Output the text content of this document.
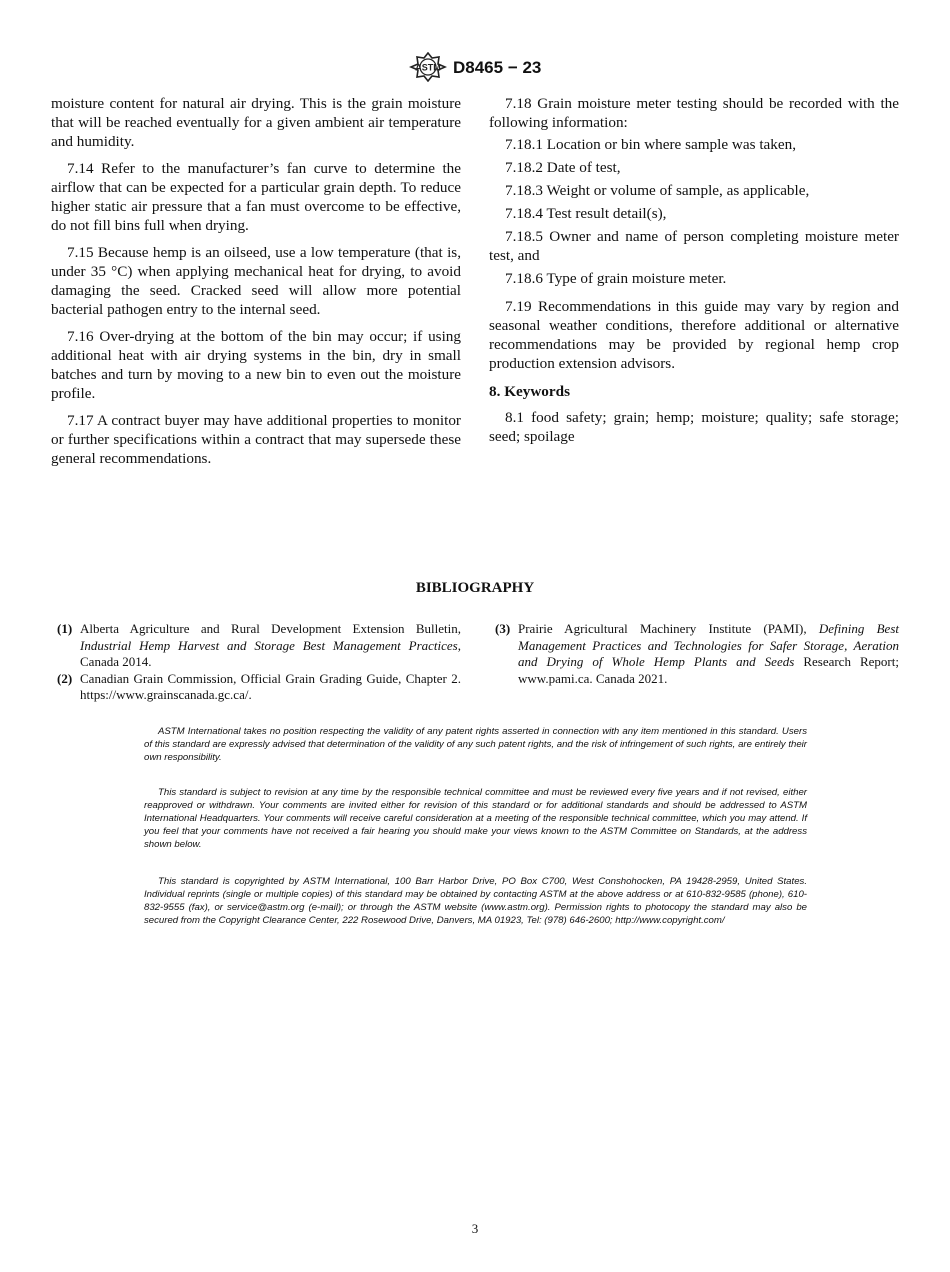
ASTM D8465 − 23

moisture content for natural air drying. This is the grain moisture that will be reached eventually for a given ambient air temperature and humidity.

7.14 Refer to the manufacturer’s fan curve to determine the airflow that can be expected for a particular grain depth. To reduce higher static air pressure that a fan must overcome to be effective, do not fill bins full when drying.

7.15 Because hemp is an oilseed, use a low temperature (that is, under 35 °C) when applying mechanical heat for drying, to avoid damaging the seed. Cracked seed will allow more potential bacterial pathogen entry to the internal seed.

7.16 Over-drying at the bottom of the bin may occur; if using additional heat with air drying systems in the bin, dry in small batches and turn by moving to a new bin to even out the moisture profile.

7.17 A contract buyer may have additional properties to monitor or further specifications within a contract that may supersede these general recommendations.

7.18 Grain moisture meter testing should be recorded with the following information:

7.18.1 Location or bin where sample was taken,

7.18.2 Date of test,

7.18.3 Weight or volume of sample, as applicable,

7.18.4 Test result detail(s),

7.18.5 Owner and name of person completing moisture meter test, and

7.18.6 Type of grain moisture meter.

7.19 Recommendations in this guide may vary by region and seasonal weather conditions, therefore additional or alternative recommendations may be provided by regional hemp crop production extension advisors.

8. Keywords

8.1 food safety; grain; hemp; moisture; quality; safe storage; seed; spoilage

BIBLIOGRAPHY
(1) Alberta Agriculture and Rural Development Extension Bulletin, Industrial Hemp Harvest and Storage Best Management Practices, Canada 2014.
(2) Canadian Grain Commission, Official Grain Grading Guide, Chapter 2. https://www.grainscanada.gc.ca/.
(3) Prairie Agricultural Machinery Institute (PAMI), Defining Best Management Practices and Technologies for Safer Storage, Aeration and Drying of Whole Hemp Plants and Seeds Research Report; www.pami.ca. Canada 2021.

ASTM International takes no position respecting the validity of any patent rights asserted in connection with any item mentioned in this standard. Users of this standard are expressly advised that determination of the validity of any such patent rights, and the risk of infringement of such rights, are entirely their own responsibility.

This standard is subject to revision at any time by the responsible technical committee and must be reviewed every five years and if not revised, either reapproved or withdrawn. Your comments are invited either for revision of this standard or for additional standards and should be addressed to ASTM International Headquarters. Your comments will receive careful consideration at a meeting of the responsible technical committee, which you may attend. If you feel that your comments have not received a fair hearing you should make your views known to the ASTM Committee on Standards, at the address shown below.

This standard is copyrighted by ASTM International, 100 Barr Harbor Drive, PO Box C700, West Conshohocken, PA 19428-2959, United States. Individual reprints (single or multiple copies) of this standard may be obtained by contacting ASTM at the above address or at 610-832-9585 (phone), 610-832-9555 (fax), or service@astm.org (e-mail); or through the ASTM website (www.astm.org). Permission rights to photocopy the standard may also be secured from the Copyright Clearance Center, 222 Rosewood Drive, Danvers, MA 01923, Tel: (978) 646-2600; http://www.copyright.com/

3
